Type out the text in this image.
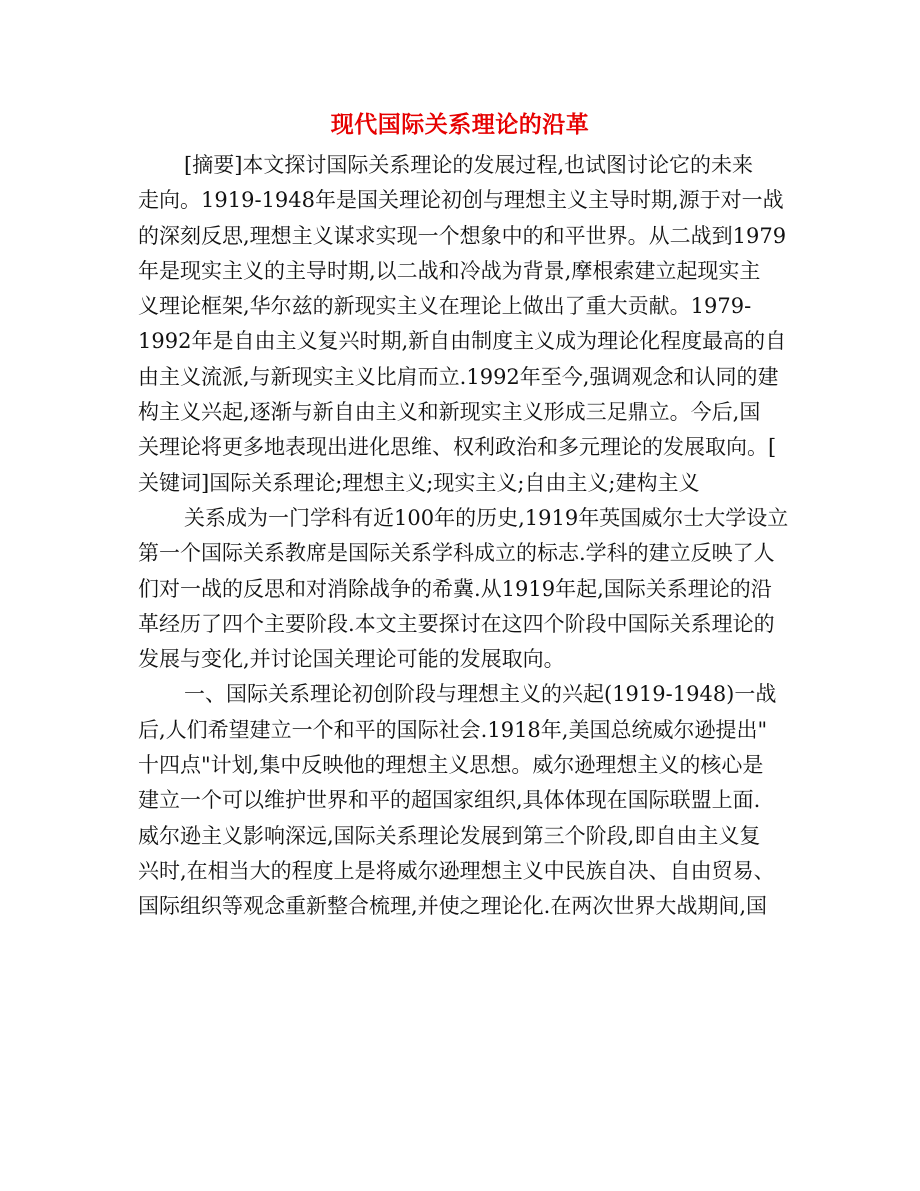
现代国际关系理论的沿革
[摘要]本文探讨国际关系理论的发展过程,也试图讨论它的未来
走向。1919-1948年是国关理论初创与理想主义主导时期,源于对一战
的深刻反思,理想主义谋求实现一个想象中的和平世界。从二战到1979
年是现实主义的主导时期,以二战和冷战为背景,摩根索建立起现实主
义理论框架,华尔兹的新现实主义在理论上做出了重大贡献。1979-
1992年是自由主义复兴时期,新自由制度主义成为理论化程度最高的自
由主义流派,与新现实主义比肩而立.1992年至今,强调观念和认同的建
构主义兴起,逐渐与新自由主义和新现实主义形成三足鼎立。今后,国
关理论将更多地表现出进化思维、权利政治和多元理论的发展取向。[
关键词]国际关系理论;理想主义;现实主义;自由主义;建构主义
关系成为一门学科有近100年的历史,1919年英国威尔士大学设立
第一个国际关系教席是国际关系学科成立的标志.学科的建立反映了人
们对一战的反思和对消除战争的希冀.从1919年起,国际关系理论的沿
革经历了四个主要阶段.本文主要探讨在这四个阶段中国际关系理论的
发展与变化,并讨论国关理论可能的发展取向。
一、国际关系理论初创阶段与理想主义的兴起(1919-1948)一战
后,人们希望建立一个和平的国际社会.1918年,美国总统威尔逊提出"
十四点"计划,集中反映他的理想主义思想。威尔逊理想主义的核心是
建立一个可以维护世界和平的超国家组织,具体体现在国际联盟上面.
威尔逊主义影响深远,国际关系理论发展到第三个阶段,即自由主义复
兴时,在相当大的程度上是将威尔逊理想主义中民族自决、自由贸易、
国际组织等观念重新整合梳理,并使之理论化.在两次世界大战期间,国
